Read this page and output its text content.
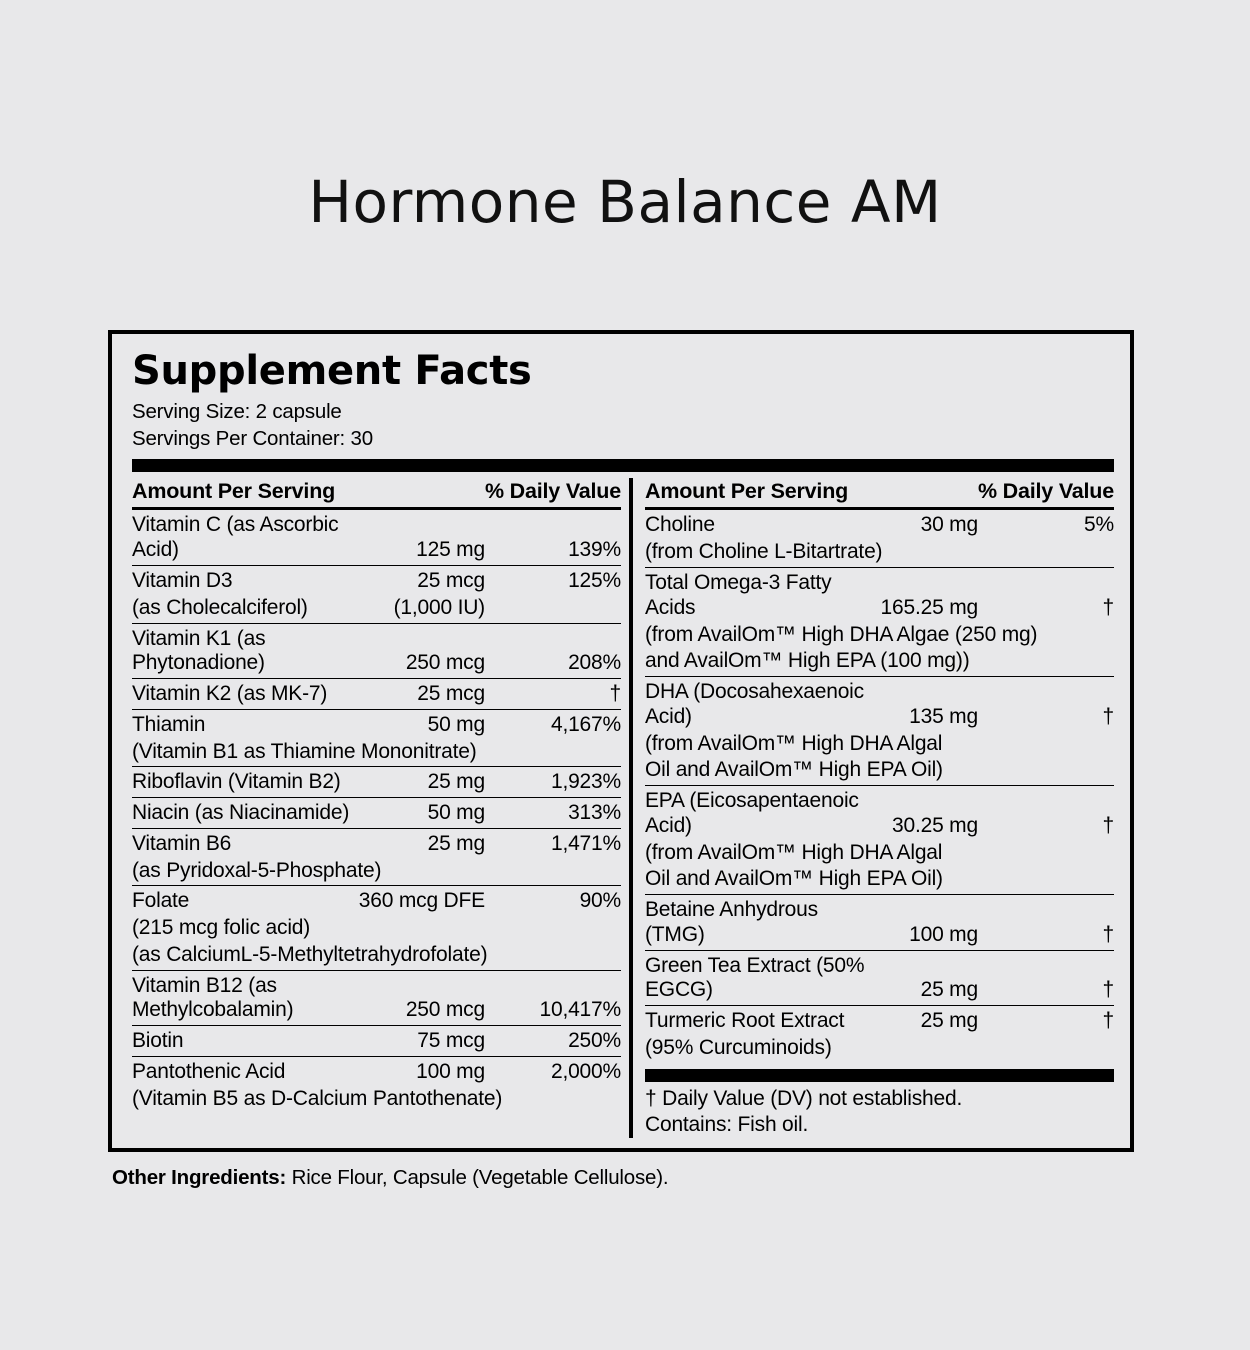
Hormone Balance AM
Supplement Facts
Serving Size: 2 capsule
Servings Per Container: 30
Amount Per Serving		% Daily Value
Vitamin C (as Ascorbic Acid)	125 mg	139%
Vitamin D3	25 mcg	125%
(as Cholecalciferol)	(1,000 IU)	
Vitamin K1 (as Phytonadione)	250 mcg	208%
Vitamin K2 (as MK-7)	25 mcg	†
Thiamin	50 mg	4,167%
(Vitamin B1 as Thiamine Mononitrate)		
Riboflavin (Vitamin B2)	25 mg	1,923%
Niacin (as Niacinamide)	50 mg	313%
Vitamin B6	25 mg	1,471%
(as Pyridoxal-5-Phosphate)		
Folate	360 mcg DFE	90%
(215 mcg folic acid)		
(as CalciumL-5-Methyltetrahydrofolate)		
Vitamin B12 (as Methylcobalamin)	250 mcg	10,417%
Biotin	75 mcg	250%
Pantothenic Acid	100 mg	2,000%
(Vitamin B5 as D-Calcium Pantothenate)		
Amount Per Serving		% Daily Value
Choline	30 mg	5%
(from Choline L-Bitartrate)		
Total Omega-3 Fatty Acids	165.25 mg	†
(from AvailOm™ High DHA Algae (250 mg)		
and AvailOm™ High EPA (100 mg))		
DHA (Docosahexaenoic Acid)	135 mg	†
(from AvailOm™ High DHA Algal		
Oil and AvailOm™ High EPA Oil)		
EPA (Eicosapentaenoic Acid)	30.25 mg	†
(from AvailOm™ High DHA Algal		
Oil and AvailOm™ High EPA Oil)		
Betaine Anhydrous (TMG)	100 mg	†
Green Tea Extract (50% EGCG)	25 mg	†
Turmeric Root Extract	25 mg	†
(95% Curcuminoids)		
† Daily Value (DV) not established.
Contains: Fish oil.
Other Ingredients: Rice Flour, Capsule (Vegetable Cellulose).
